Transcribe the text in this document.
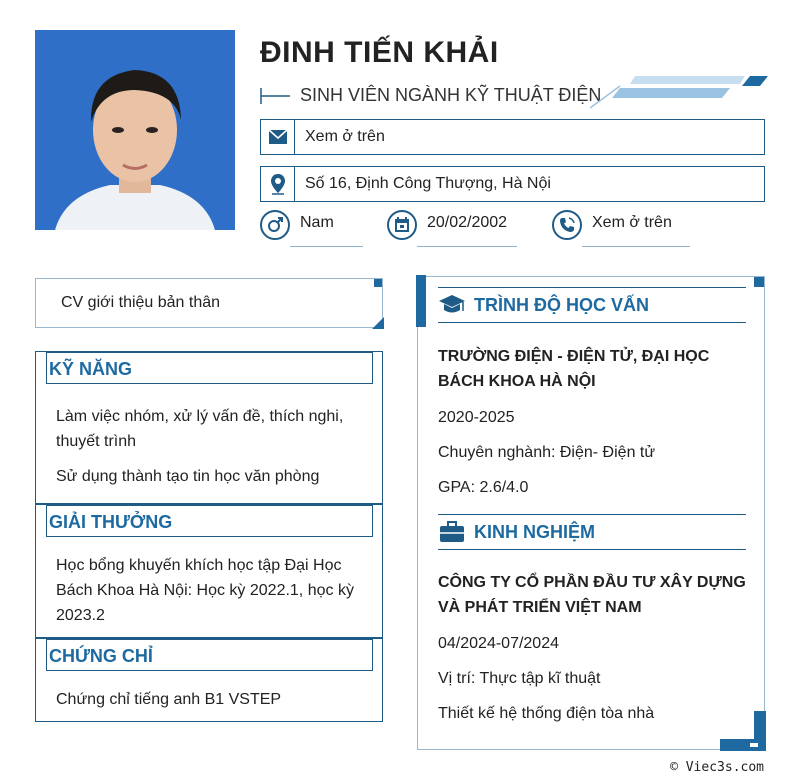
ĐINH TIẾN KHẢI
SINH VIÊN NGÀNH KỸ THUẬT ĐIỆN
Xem ở trên
Số 16, Định Công Thượng, Hà Nội
Nam	20/02/2002	Xem ở trên
CV giới thiệu bản thân
KỸ NĂNG
Làm việc nhóm, xử lý vấn đề, thích nghi, thuyết trình
Sử dụng thành tạo tin học văn phòng
GIẢI THƯỞNG
Học bổng khuyến khích học tập Đại Học Bách Khoa Hà Nội: Học kỳ 2022.1, học kỳ 2023.2
CHỨNG CHỈ
Chứng chỉ tiếng anh B1 VSTEP
TRÌNH ĐỘ HỌC VẤN
TRƯỜNG ĐIỆN - ĐIỆN TỬ, ĐẠI HỌC BÁCH KHOA HÀ NỘI
2020-2025
Chuyên nghành: Điện- Điện tử
GPA: 2.6/4.0
KINH NGHIỆM
CÔNG TY CỔ PHẦN ĐẦU TƯ XÂY DỰNG VÀ PHÁT TRIỂN VIỆT NAM
04/2024-07/2024
Vị trí: Thực tập kĩ thuật
Thiết kế hệ thống điện tòa nhà
© Viec3s.com
